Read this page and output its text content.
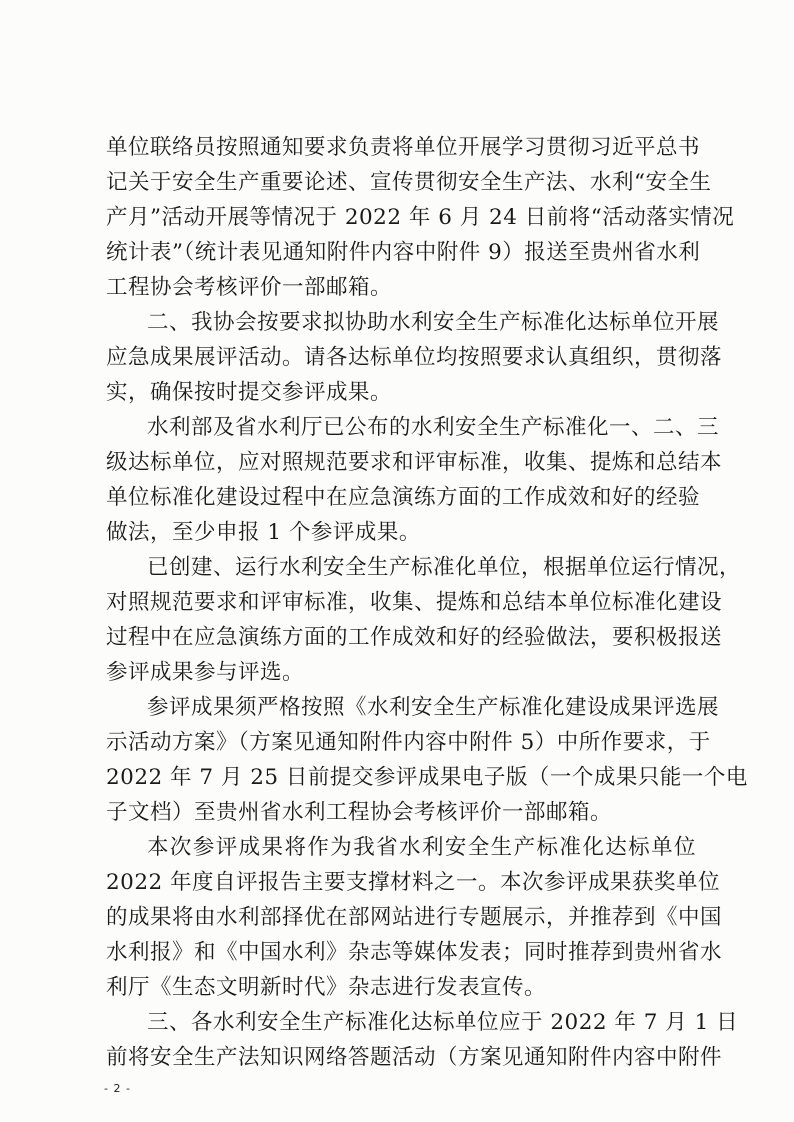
单位联络员按照通知要求负责将单位开展学习贯彻习近平总书
记关于安全生产重要论述、宣传贯彻安全生产法、水利“安全生
产月”活动开展等情况于 2022 年 6 月 24 日前将“活动落实情况
统计表”（统计表见通知附件内容中附件 9）报送至贵州省水利
工程协会考核评价一部邮箱。
二、我协会按要求拟协助水利安全生产标准化达标单位开展
应急成果展评活动。请各达标单位均按照要求认真组织，贯彻落
实，确保按时提交参评成果。
水利部及省水利厅已公布的水利安全生产标准化一、二、三
级达标单位，应对照规范要求和评审标准，收集、提炼和总结本
单位标准化建设过程中在应急演练方面的工作成效和好的经验
做法，至少申报 1 个参评成果。
已创建、运行水利安全生产标准化单位，根据单位运行情况，
对照规范要求和评审标准，收集、提炼和总结本单位标准化建设
过程中在应急演练方面的工作成效和好的经验做法，要积极报送
参评成果参与评选。
参评成果须严格按照《水利安全生产标准化建设成果评选展
示活动方案》（方案见通知附件内容中附件 5）中所作要求，于
2022 年 7 月 25 日前提交参评成果电子版（一个成果只能一个电
子文档）至贵州省水利工程协会考核评价一部邮箱。
本次参评成果将作为我省水利安全生产标准化达标单位
2022 年度自评报告主要支撑材料之一。本次参评成果获奖单位
的成果将由水利部择优在部网站进行专题展示，并推荐到《中国
水利报》和《中国水利》杂志等媒体发表；同时推荐到贵州省水
利厅《生态文明新时代》杂志进行发表宣传。
三、各水利安全生产标准化达标单位应于 2022 年 7 月 1 日
前将安全生产法知识网络答题活动（方案见通知附件内容中附件
- 2 -
